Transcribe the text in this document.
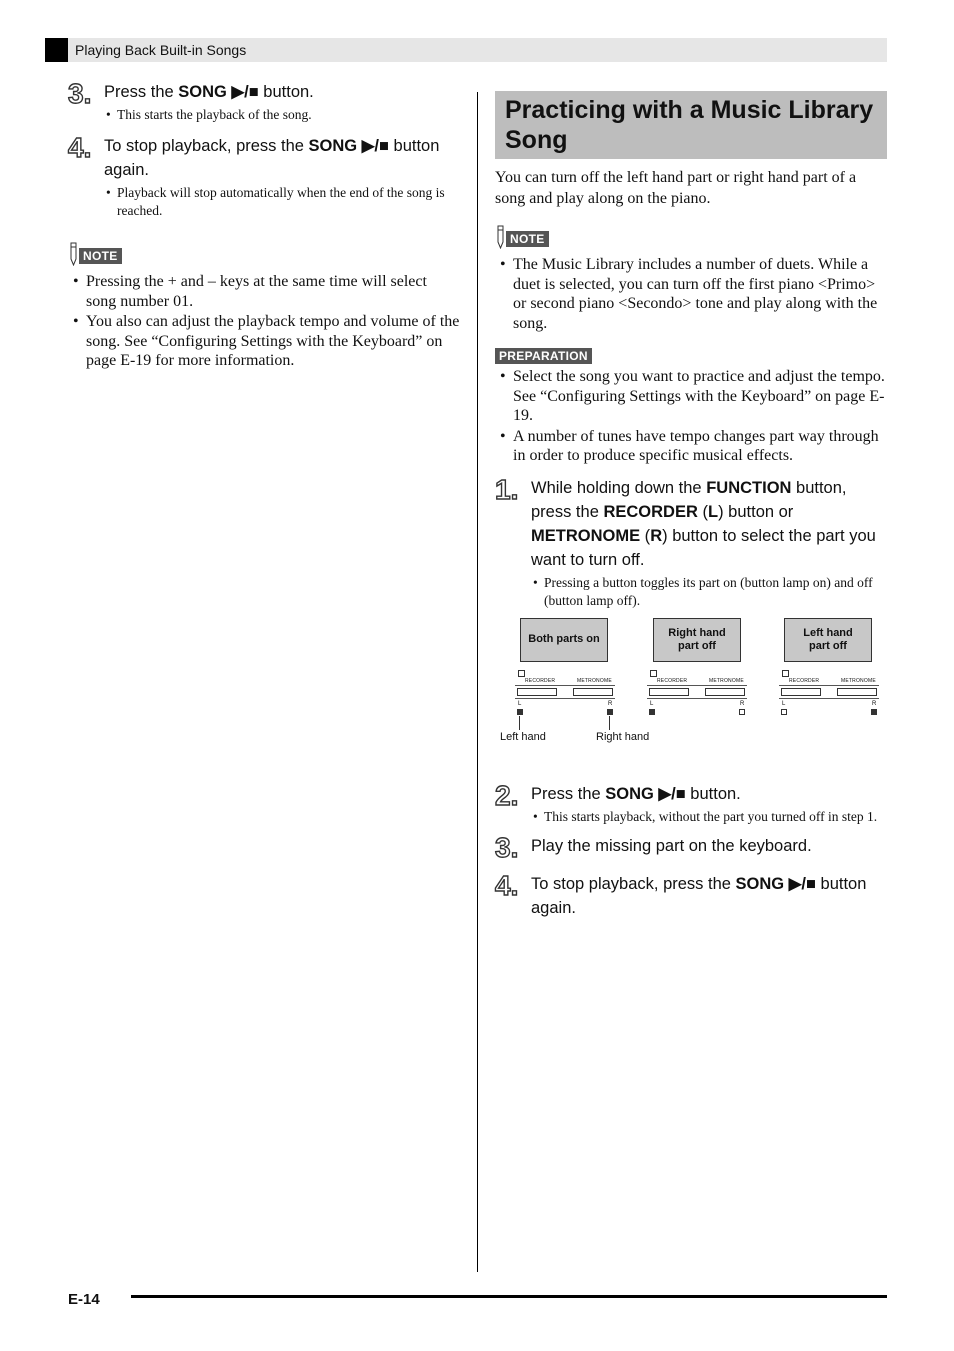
Playing Back Built-in Songs
3. Press the SONG ▶/■ button.
• This starts the playback of the song.
4. To stop playback, press the SONG ▶/■ button again.
• Playback will stop automatically when the end of the song is reached.
NOTE
• Pressing the + and – keys at the same time will select song number 01.
• You also can adjust the playback tempo and volume of the song. See “Configuring Settings with the Keyboard” on page E-19 for more information.
Practicing with a Music Library Song

You can turn off the left hand part or right hand part of a song and play along on the piano.

NOTE
• The Music Library includes a number of duets. While a duet is selected, you can turn off the first piano <Primo> or second piano <Secondo> tone and play along with the song.
PREPARATION
• Select the song you want to practice and adjust the tempo. See “Configuring Settings with the Keyboard” on page E-19.
• A number of tunes have tempo changes part way through in order to produce specific musical effects.
1. While holding down the FUNCTION button, press the RECORDER (L) button or METRONOME (R) button to select the part you want to turn off.
• Pressing a button toggles its part on (button lamp on) and off (button lamp off).
Both parts on
Right hand
part off
Left hand
part off
RECORDER	METRONOME
L	R
RECORDER	METRONOME
L	R
RECORDER	METRONOME
L	R
Left hand	Right hand
2. Press the SONG ▶/■ button.
• This starts playback, without the part you turned off in step 1.
3. Play the missing part on the keyboard.
4. To stop playback, press the SONG ▶/■ button again.
E-14
